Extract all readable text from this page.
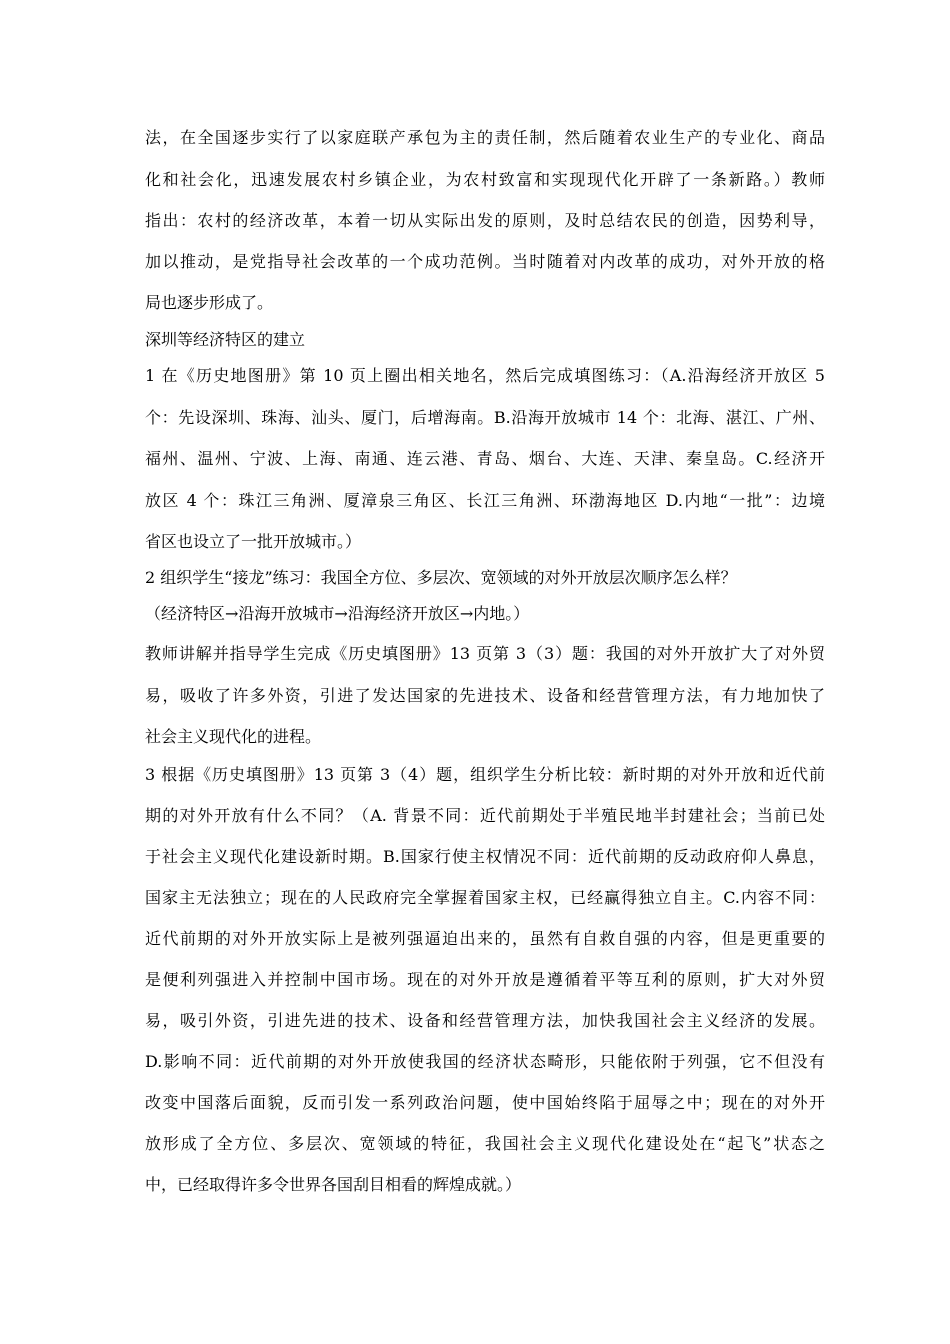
法，在全国逐步实行了以家庭联产承包为主的责任制，然后随着农业生产的专业化、商品
化和社会化，迅速发展农村乡镇企业，为农村致富和实现现代化开辟了一条新路。）教师
指出：农村的经济改革，本着一切从实际出发的原则，及时总结农民的创造，因势利导，
加以推动，是党指导社会改革的一个成功范例。当时随着对内改革的成功，对外开放的格
局也逐步形成了。
深圳等经济特区的建立
1 在《历史地图册》第 10 页上圈出相关地名，然后完成填图练习：（A.沿海经济开放区 5
个：先设深圳、珠海、汕头、厦门，后增海南。B.沿海开放城市 14 个：北海、湛江、广州、
福州、温州、宁波、上海、南通、连云港、青岛、烟台、大连、天津、秦皇岛。C.经济开
放区 4 个：珠江三角洲、厦漳泉三角区、长江三角洲、环渤海地区 D.内地“一批”：边境
省区也设立了一批开放城市。）
2 组织学生“接龙”练习：我国全方位、多层次、宽领域的对外开放层次顺序怎么样？
（经济特区→沿海开放城市→沿海经济开放区→内地。）
教师讲解并指导学生完成《历史填图册》13 页第 3（3）题：我国的对外开放扩大了对外贸
易，吸收了许多外资，引进了发达国家的先进技术、设备和经营管理方法，有力地加快了
社会主义现代化的进程。
3 根据《历史填图册》13 页第 3（4）题，组织学生分析比较：新时期的对外开放和近代前
期的对外开放有什么不同？（A. 背景不同：近代前期处于半殖民地半封建社会；当前已处
于社会主义现代化建设新时期。B.国家行使主权情况不同：近代前期的反动政府仰人鼻息，
国家主无法独立；现在的人民政府完全掌握着国家主权，已经赢得独立自主。C.内容不同：
近代前期的对外开放实际上是被列强逼迫出来的，虽然有自救自强的内容，但是更重要的
是便利列强进入并控制中国市场。现在的对外开放是遵循着平等互利的原则，扩大对外贸
易，吸引外资，引进先进的技术、设备和经营管理方法，加快我国社会主义经济的发展。
D.影响不同：近代前期的对外开放使我国的经济状态畸形，只能依附于列强，它不但没有
改变中国落后面貌，反而引发一系列政治问题，使中国始终陷于屈辱之中；现在的对外开
放形成了全方位、多层次、宽领域的特征，我国社会主义现代化建设处在“起飞”状态之
中，已经取得许多令世界各国刮目相看的辉煌成就。）
